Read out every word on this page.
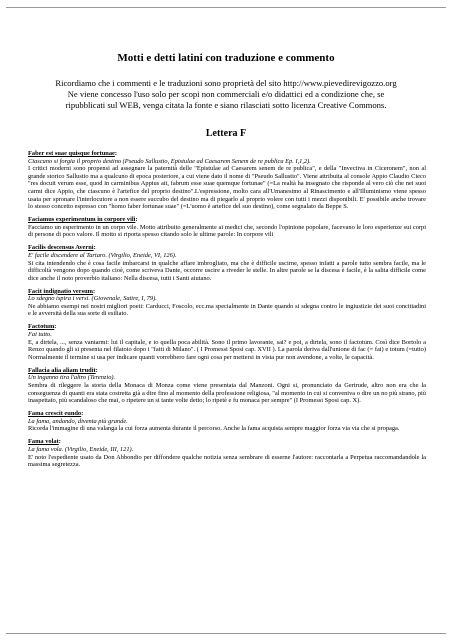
Motti e detti latini con traduzione e commento
Ricordiamo che i commenti e le traduzioni sono proprietà del sito http://www.pievedirevigozzo.org
Ne viene concesso l'uso solo per scopi non commerciali e/o didattici ed a condizione che, se
ripubblicati sul WEB, venga citata la fonte e siano rilasciati sotto licenza Creative Commons.
Lettera F

Faber est suae quisque fortunae:

Ciascuno si forgia il proprio destino (Pseudo Sallustio, Epistulae ad Caesarem Senem de re publica Ep. I,1,2).

I critici moderni sono propensi ad assegnare la paternità delle "Epistulae ad Caesarem senem de re publica", e della "Invectiva in Ciceronem", non al grande storico Sallustio ma a qualcuno di epoca posteriore, a cui viene dato il nome di "Pseudo Sallustio". Viene attribuita al console Appio Claudio Cieco "res docuit verum esse, quod in carminibus Appius ait, fabrum esse suae quemque fortunae" (=La realtà ha insegnato che risponde al vero ciò che nei suoi carmi dice Appio, che ciascuno è l'artefice del proprio destino".L'espressione, molto cara all'Umanesimo al Rinascimento e all'Illuminismo viene spesso usata per spronare l'interlocutore a non essere succubo del destino ma di piegarlo al proprio volere con tutti i mezzi disponibili. E' possibile anche trovare lo stesso concetto espresso con "homo faber fortunae suae" (=L'uomo è artefice del suo destino), come segnalato da Beppe S.

Faciamus experimentum in corpore vili:

Facciamo un esperimento in un corpo vile. Motto attribuito generalmente ai medici che, secondo l'opinione popolare, facevano le loro esperienze sui corpi di persone di poco valore. Il motto si riporta spesso citando solo le ultime parole: In corpore vili

Facilis descensus Averni:

E' facile discendere al Tartaro. (Virgilio, Eneide, VI, 126).

Si cita intendendo che è cosa facile imbarcarsi in qualche affare imbrogliato, ma che è difficile uscirne, spesso infatti a parole tutto sembra facile, ma le difficoltà vengono dopo quando cioè, come scriveva Dante, occorre uscire a riveder le stelle. In altre parole se la discesa è facile, è la salita difficile come dice anche il noto proverbio italiano: Nella discesa, tutti i Santi aiutano.

Facit indignatio versum:

Lo sdegno ispira i versi. (Giovenale, Satire, I, 79).

Ne abbiamo esempi nei nostri migliori poeti: Carducci, Foscolo, ecc.ma specialmente in Dante quando si sdegna contro le ingiustizie dei suoi concittadini e le avversità della sua sorte di esiliato.

Factotum:

Fai tutto.

E, a dirtela, ..., senza vantarmi: lui il capitale, e io quella poca abilità. Sono il primo lavorante, sai? e poi, a dirtela, sono il factotum. Così dice Bortolo a Renzo quando gli si presenta nel filatoio dopo i "fatti di Milano". ( I Promessi Sposi cap. XVII ). La parola deriva dall'unione di fac (= fai) e totum (=tutto) Normalmente il termine si usa per indicare quanti vorrebbero fare ogni cosa per mettersi in vista pur non avendone, a volte, le capacità.

Fallacia alia aliam trudit:

Un inganno tira l'altro (Terenzio).

Sembra di rileggere la storia della Monaca di Monza come viene presentata dal Manzoni. Ogni si, pronunciato da Gertrude, altro non era che la conseguenza di quanti era stata costretta già a dire fino al momento della professione religiosa, "al momento in cui si conveniva o dire un no più strano, più inaspettato, più scandaloso che mai, o ripetere un si tante volte detto; lo ripetè e fu monaca per sempre" (I Promessi Sposi cap. X).

Fama crescit eundo:

La fama, andando, diventa più grande.

Ricorda l'immagine di una valanga la cui forza aumenta durante il percorso. Anche la fama acquista sempre maggior forza via via che si propaga.

Fama volat:

La fama vola. (Virgilio, Eneide, III, 121).

E' noto l'espediente usato da Don Abbondio per diffondere qualche notizia senza sembrare di esserne l'autore: raccontarla a Perpetua raccomandandole la massima segretezza.
